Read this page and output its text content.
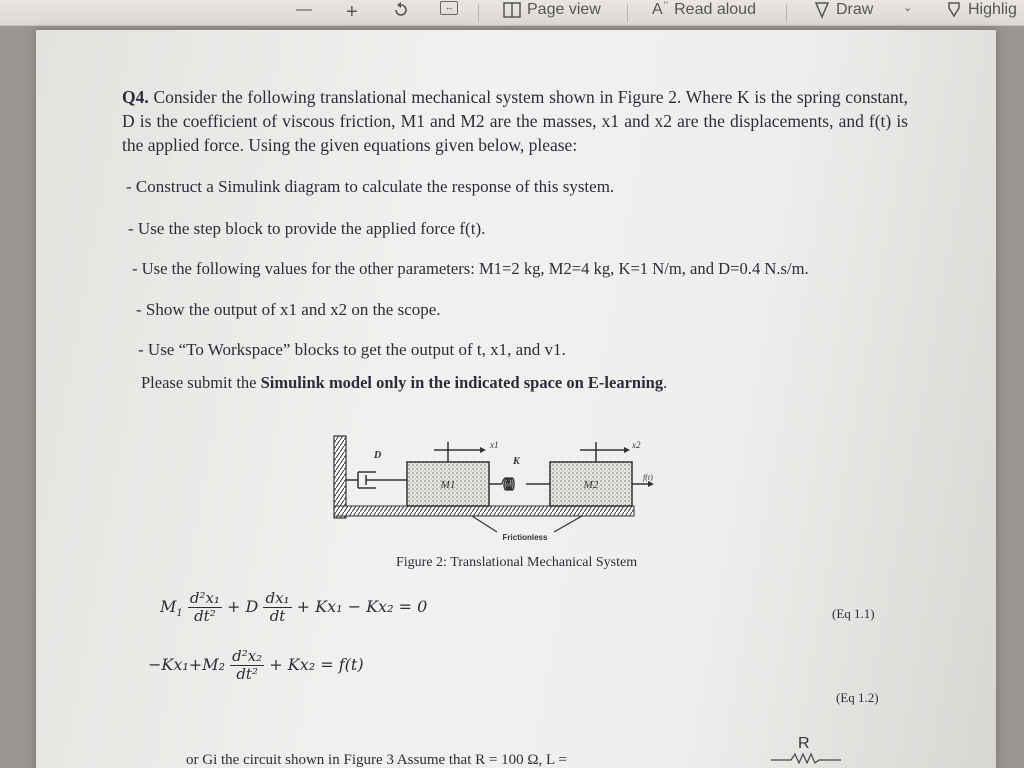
— +	↔	Page view	A ʼʼ Read aloud	Draw	⌄	Highlig

Q4. Consider the following translational mechanical system shown in Figure 2. Where K is the spring constant, D is the coefficient of viscous friction, M1 and M2 are the masses, x1 and x2 are the displacements, and f(t) is the applied force. Using the given equations given below, please:

- Construct a Simulink diagram to calculate the response of this system.
- Use the step block to provide the applied force f(t).
- Use the following values for the other parameters: M1=2 kg, M2=4 kg, K=1 N/m, and D=0.4 N.s/m.
- Show the output of x1 and x2 on the scope.
- Use “To Workspace” blocks to get the output of t, x1, and v1.
Please submit the Simulink model only in the indicated space on E-learning.
D
M1
x1
K
M2
x2
f(t)
Frictionless
Figure 2: Translational Mechanical System
$M_1 \frac{\text{d²x₁}}{\text{dt²}} + D \frac{\text{dx₁}}{dt} + Kx_1 - Kx_2 = 0$	(Eq 1.1)
$-Kx_1+M_2 \frac{\text{d²x₂}}{\text{dt²}} + Kx_2 = f(t)$
(Eq 1.2)
or Gi the circuit shown in Figure 3 Assume that R = 100 Ω, L =
R
